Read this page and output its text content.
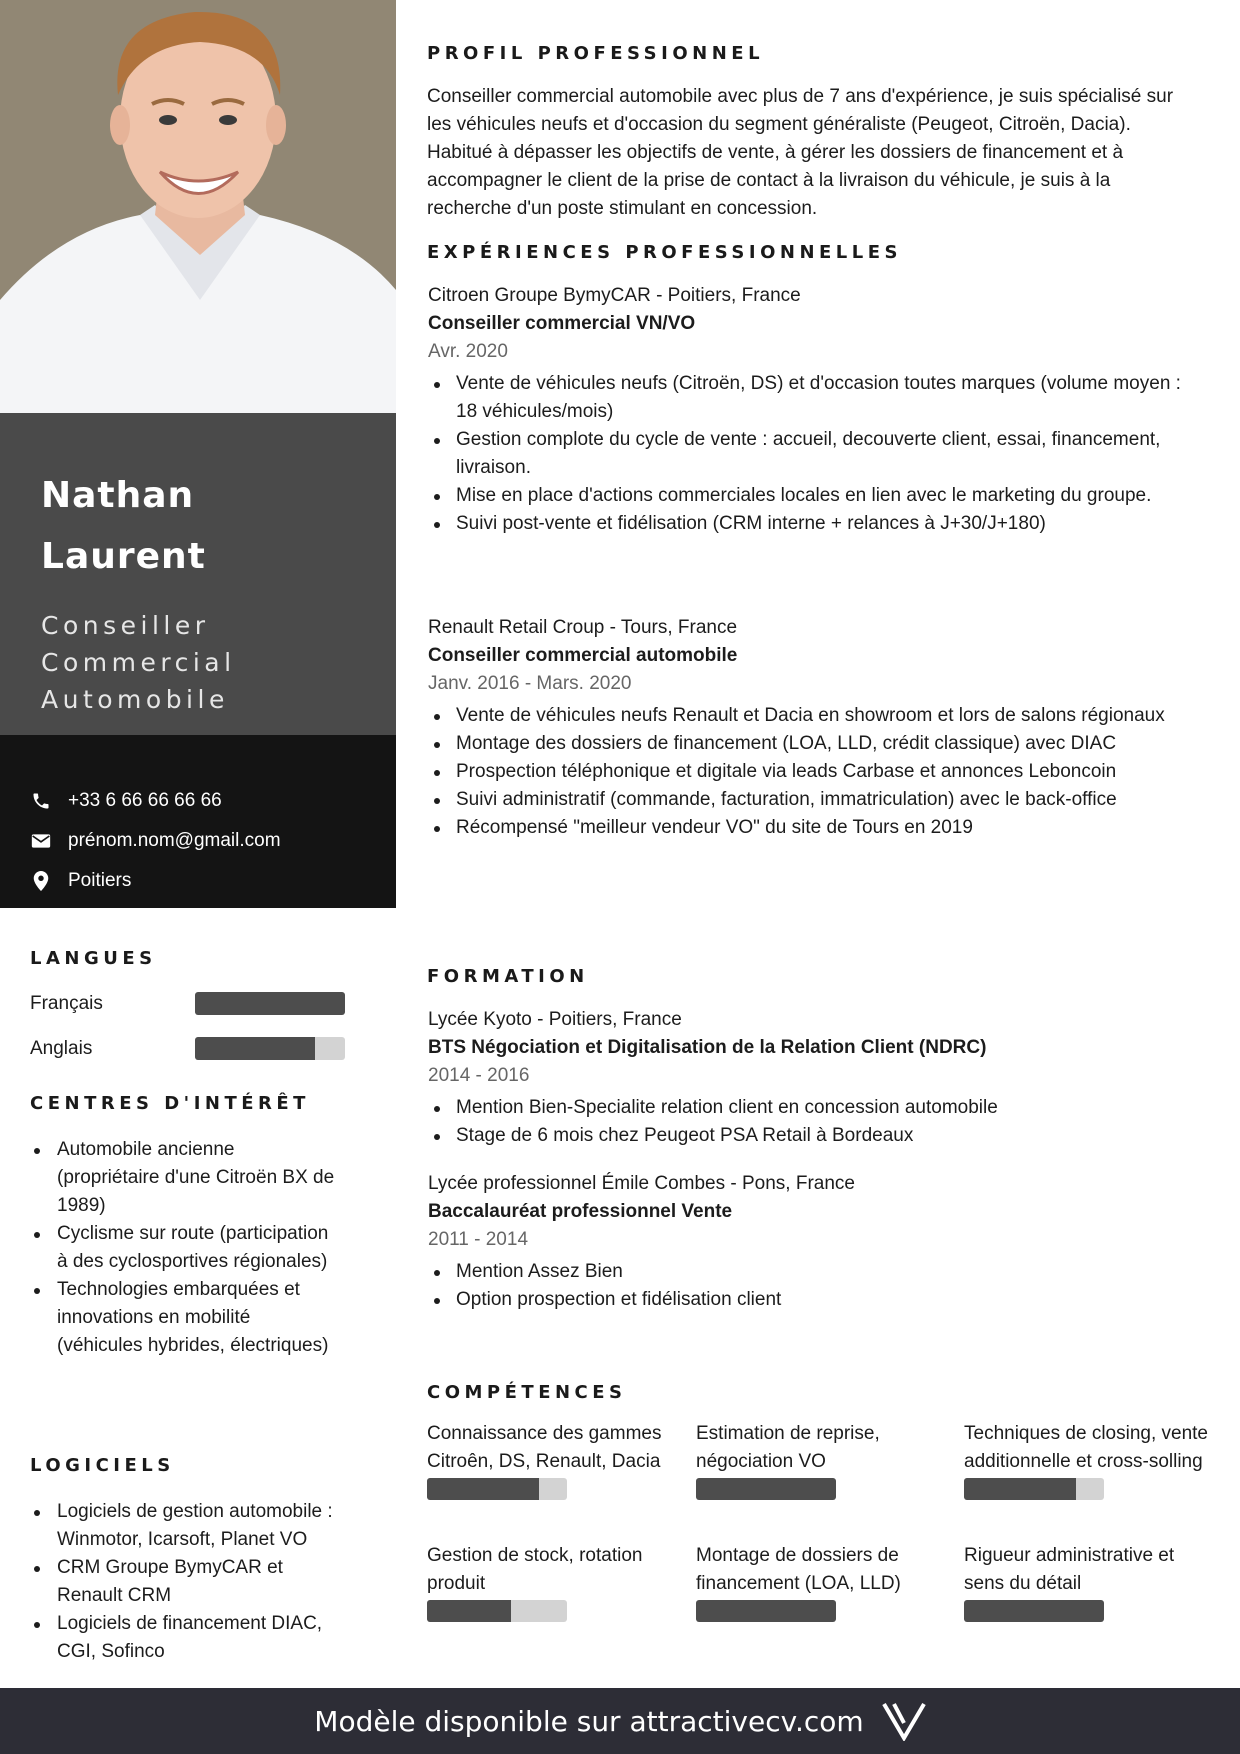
Nathan
Laurent
Conseiller
Commercial
Automobile
+33 6 66 66 66 66
prénom.nom@gmail.com
Poitiers
LANGUES
Français
Anglais
CENTRES D'INTÉRÊT
Automobile ancienne (propriétaire d'une Citroën BX de 1989)
Cyclisme sur route (participation à des cyclosportives régionales)
Technologies embarquées et innovations en mobilité (véhicules hybrides, électriques)
LOGICIELS
Logiciels de gestion automobile : Winmotor, Icarsoft, Planet VO
CRM Groupe BymyCAR et Renault CRM
Logiciels de financement DIAC, CGI, Sofinco
PROFIL PROFESSIONNEL
Conseiller commercial automobile avec plus de 7 ans d'expérience, je suis spécialisé sur les véhicules neufs et d'occasion du segment généraliste (Peugeot, Citroën, Dacia). Habitué à dépasser les objectifs de vente, à gérer les dossiers de financement et à accompagner le client de la prise de contact à la livraison du véhicule, je suis à la recherche d'un poste stimulant en concession.
EXPÉRIENCES PROFESSIONNELLES
Citroen Groupe BymyCAR - Poitiers, France
Conseiller commercial VN/VO
Avr. 2020
Vente de véhicules neufs (Citroën, DS) et d'occasion toutes marques (volume moyen : 18 véhicules/mois)
Gestion complote du cycle de vente : accueil, decouverte client, essai, financement, livraison.
Mise en place d'actions commerciales locales en lien avec le marketing du groupe.
Suivi post-vente et fidélisation (CRM interne + relances à J+30/J+180)
Renault Retail Croup - Tours, France
Conseiller commercial automobile
Janv. 2016 - Mars. 2020
Vente de véhicules neufs Renault et Dacia en showroom et lors de salons régionaux
Montage des dossiers de financement (LOA, LLD, crédit classique) avec DIAC
Prospection téléphonique et digitale via leads Carbase et annonces Leboncoin
Suivi administratif (commande, facturation, immatriculation) avec le back-office
Récompensé "meilleur vendeur VO" du site de Tours en 2019
FORMATION
Lycée Kyoto - Poitiers, France
BTS Négociation et Digitalisation de la Relation Client (NDRC)
2014 - 2016
Mention Bien-Specialite relation client en concession automobile
Stage de 6 mois chez Peugeot PSA Retail à Bordeaux
Lycée professionnel Émile Combes - Pons, France
Baccalauréat professionnel Vente
2011 - 2014
Mention Assez Bien
Option prospection et fidélisation client
COMPÉTENCES
Connaissance des gammes Citroên, DS, Renault, Dacia
Estimation de reprise, négociation VO
Techniques de closing, vente additionnelle et cross-solling
Gestion de stock, rotation produit
Montage de dossiers de financement (LOA, LLD)
Rigueur administrative et sens du détail
Modèle disponible sur attractivecv.com
